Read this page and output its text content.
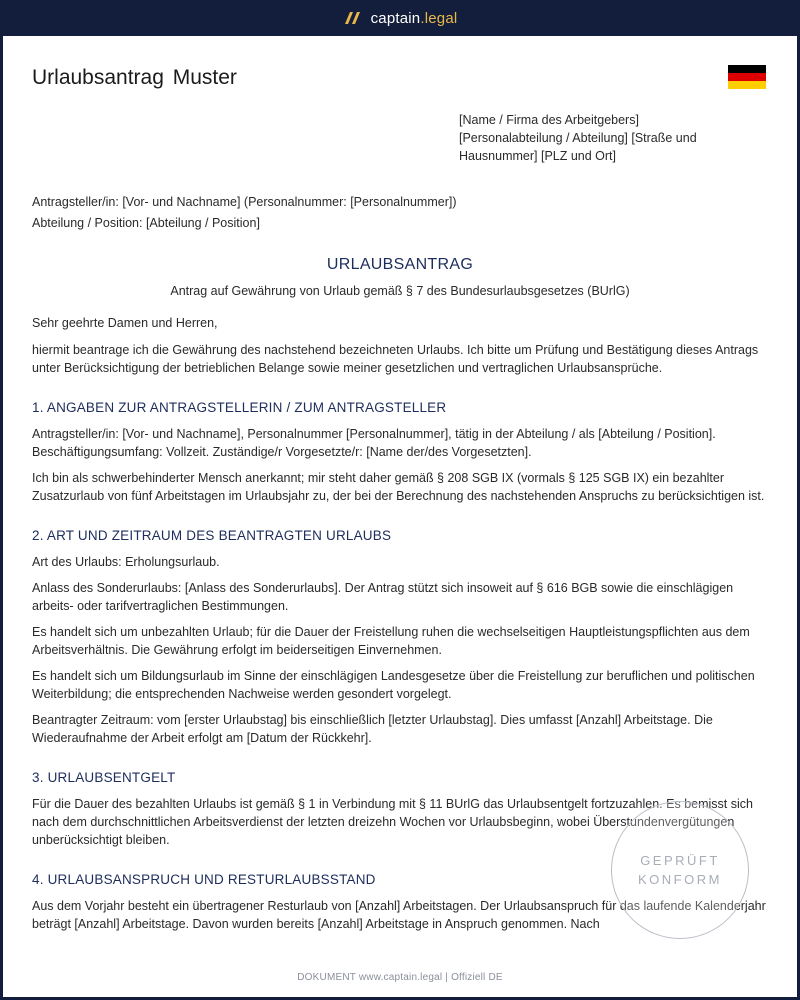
captain.legal
Urlaubsantrag Muster
[Name / Firma des Arbeitgebers]
[Personalabteilung / Abteilung] [Straße und
Hausnummer] [PLZ und Ort]
Antragsteller/in: [Vor- und Nachname] (Personalnummer: [Personalnummer])
Abteilung / Position: [Abteilung / Position]
URLAUBSANTRAG
Antrag auf Gewährung von Urlaub gemäß § 7 des Bundesurlaubsgesetzes (BUrlG)

Sehr geehrte Damen und Herren,

hiermit beantrage ich die Gewährung des nachstehend bezeichneten Urlaubs. Ich bitte um Prüfung und Bestätigung dieses Antrags unter Berücksichtigung der betrieblichen Belange sowie meiner gesetzlichen und vertraglichen Urlaubsansprüche.

1. ANGABEN ZUR ANTRAGSTELLERIN / ZUM ANTRAGSTELLER

Antragsteller/in: [Vor- und Nachname], Personalnummer [Personalnummer], tätig in der Abteilung / als [Abteilung / Position]. Beschäftigungsumfang: Vollzeit. Zuständige/r Vorgesetzte/r: [Name der/des Vorgesetzten].

Ich bin als schwerbehinderter Mensch anerkannt; mir steht daher gemäß § 208 SGB IX (vormals § 125 SGB IX) ein bezahlter Zusatzurlaub von fünf Arbeitstagen im Urlaubsjahr zu, der bei der Berechnung des nachstehenden Anspruchs zu berücksichtigen ist.

2. ART UND ZEITRAUM DES BEANTRAGTEN URLAUBS

Art des Urlaubs: Erholungsurlaub.

Anlass des Sonderurlaubs: [Anlass des Sonderurlaubs]. Der Antrag stützt sich insoweit auf § 616 BGB sowie die einschlägigen arbeits- oder tarifvertraglichen Bestimmungen.

Es handelt sich um unbezahlten Urlaub; für die Dauer der Freistellung ruhen die wechselseitigen Hauptleistungspflichten aus dem Arbeitsverhältnis. Die Gewährung erfolgt im beiderseitigen Einvernehmen.

Es handelt sich um Bildungsurlaub im Sinne der einschlägigen Landesgesetze über die Freistellung zur beruflichen und politischen Weiterbildung; die entsprechenden Nachweise werden gesondert vorgelegt.

Beantragter Zeitraum: vom [erster Urlaubstag] bis einschließlich [letzter Urlaubstag]. Dies umfasst [Anzahl] Arbeitstage. Die Wiederaufnahme der Arbeit erfolgt am [Datum der Rückkehr].

3. URLAUBSENTGELT

Für die Dauer des bezahlten Urlaubs ist gemäß § 1 in Verbindung mit § 11 BUrlG das Urlaubsentgelt fortzuzahlen. Es bemisst sich nach dem durchschnittlichen Arbeitsverdienst der letzten dreizehn Wochen vor Urlaubsbeginn, wobei Überstundenvergütungen unberücksichtigt bleiben.

4. URLAUBSANSPRUCH UND RESTURLAUBSSTAND

Aus dem Vorjahr besteht ein übertragener Resturlaub von [Anzahl] Arbeitstagen. Der Urlaubsanspruch für das laufende Kalenderjahr beträgt [Anzahl] Arbeitstage. Davon wurden bereits [Anzahl] Arbeitstage in Anspruch genommen. Nach

GEPRÜFT
KONFORM
DOKUMENT www.captain.legal | Offiziell DE
